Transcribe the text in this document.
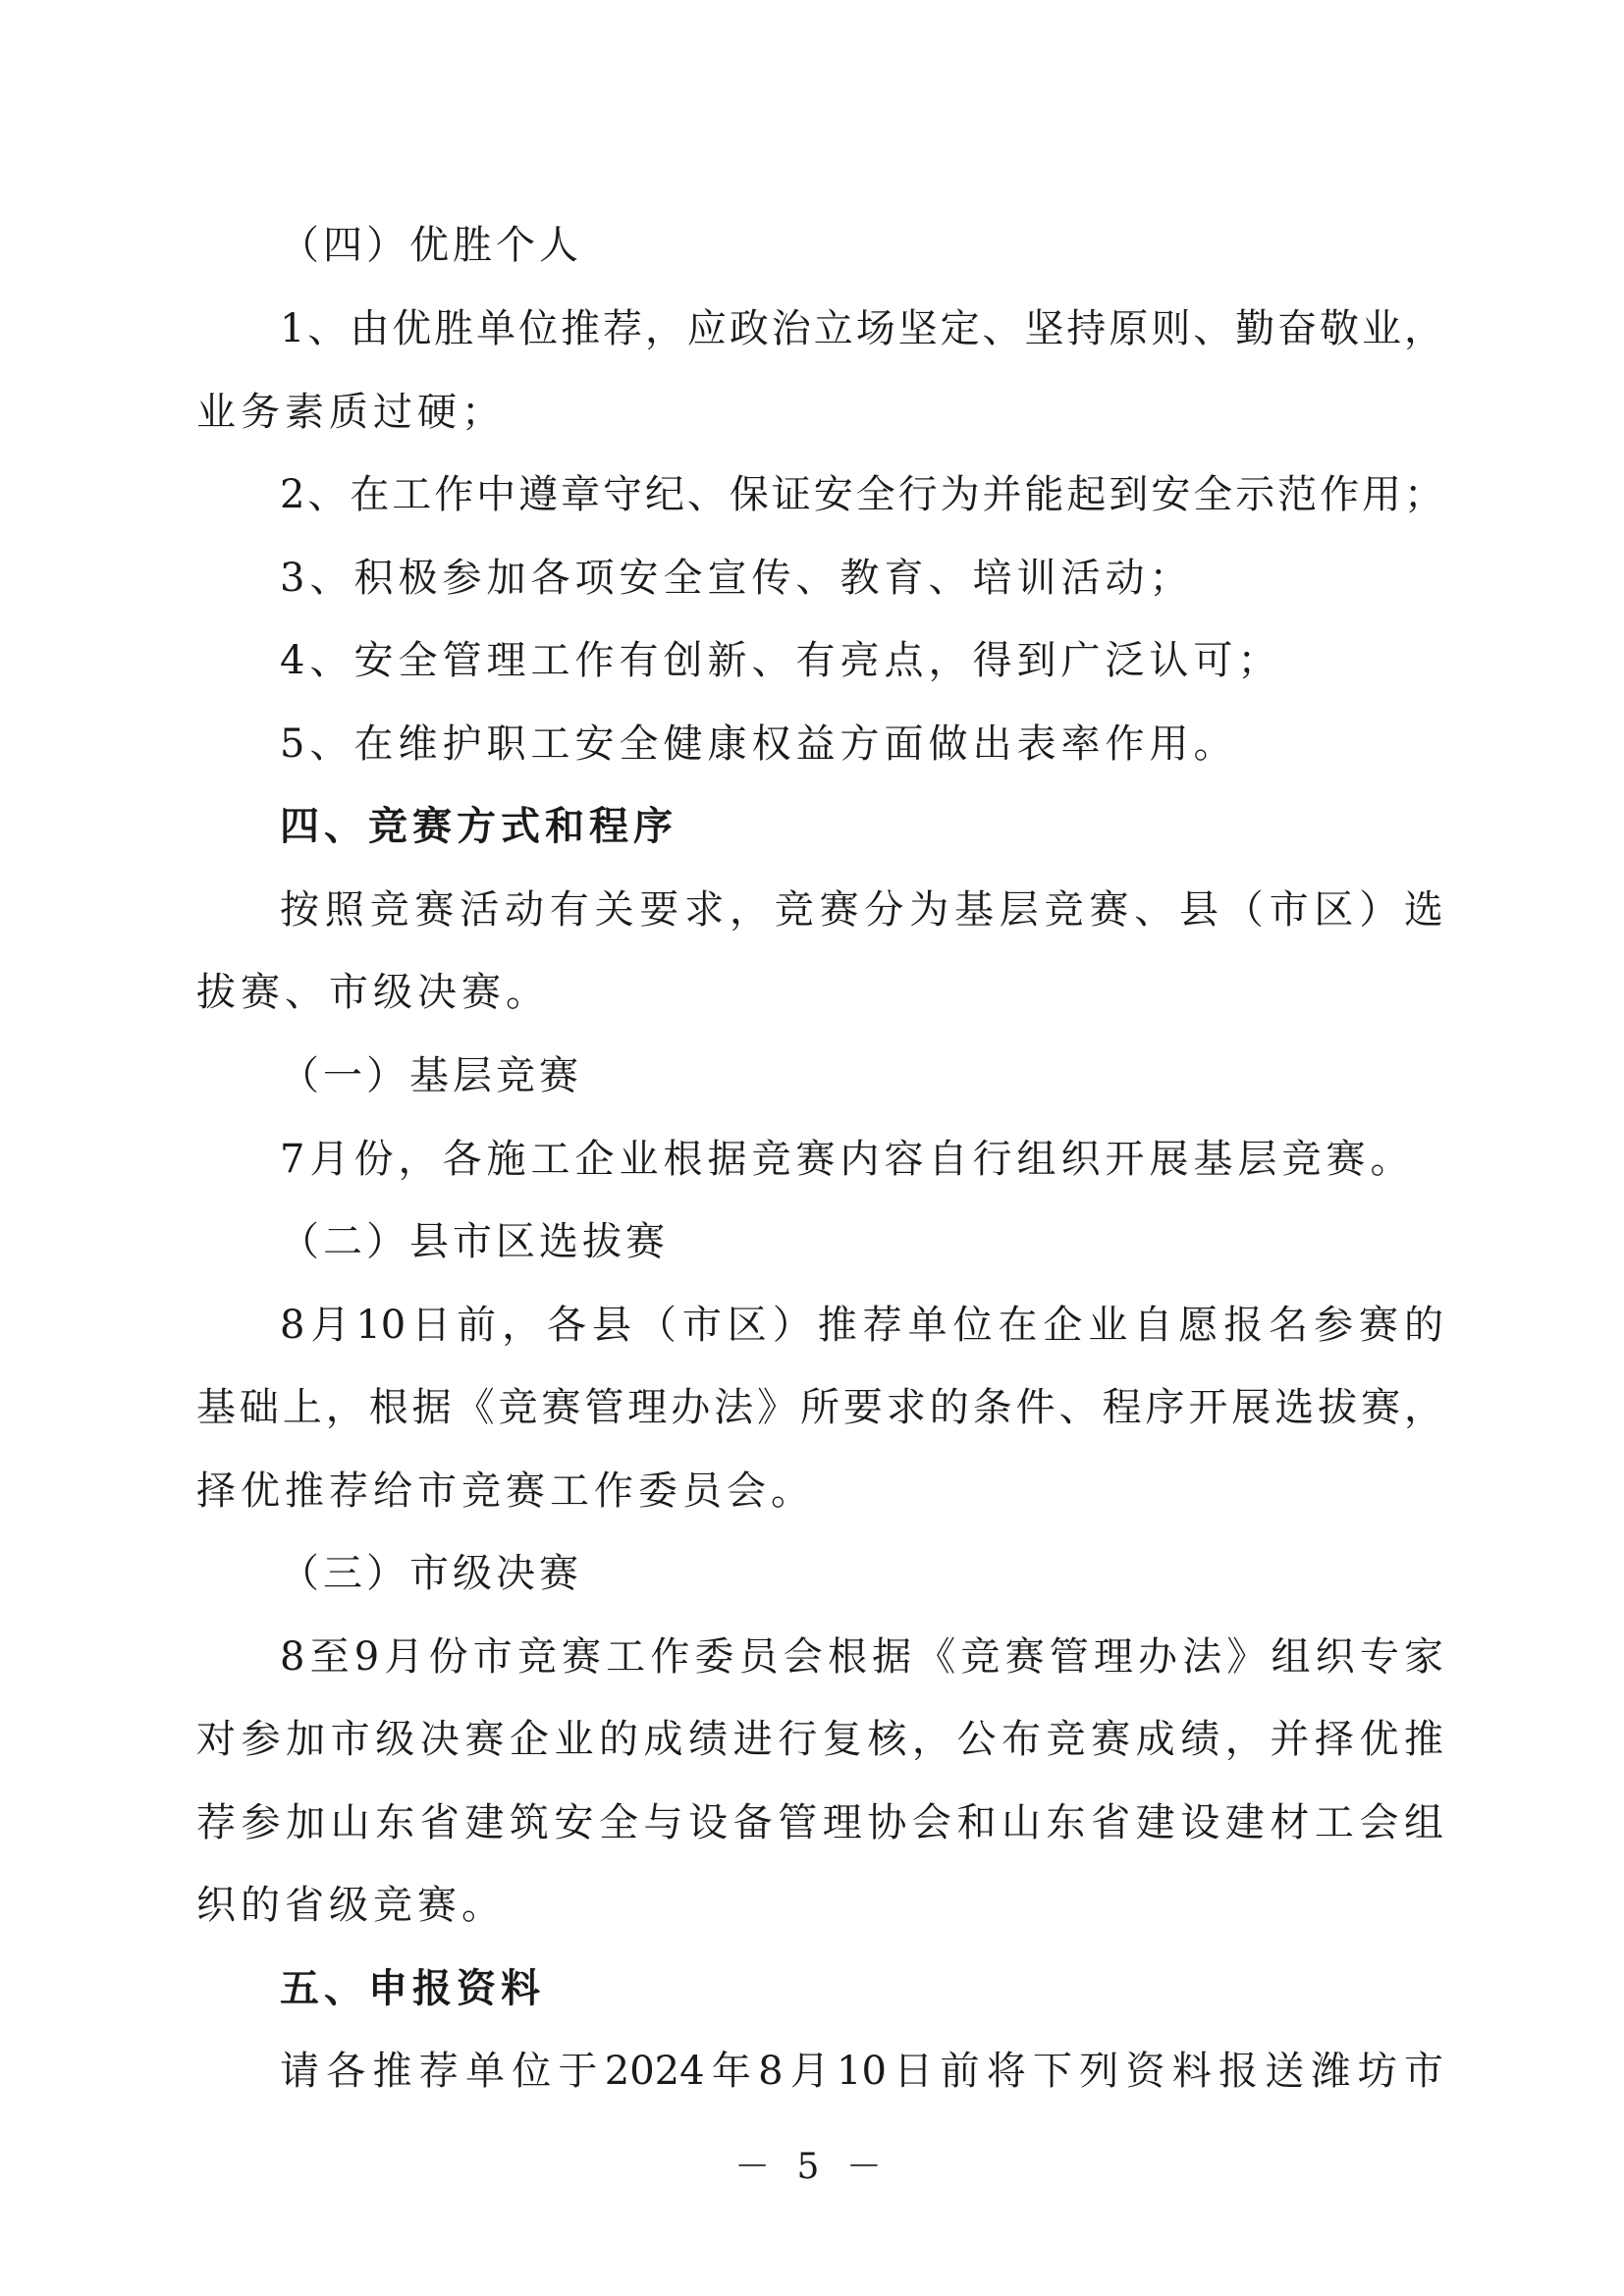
（四）优胜个人
1、由优胜单位推荐，应政治立场坚定、坚持原则、勤奋敬业，
业务素质过硬；
2、在工作中遵章守纪、保证安全行为并能起到安全示范作用；
3、积极参加各项安全宣传、教育、培训活动；
4、安全管理工作有创新、有亮点，得到广泛认可；
5、在维护职工安全健康权益方面做出表率作用。
四、竞赛方式和程序
按照竞赛活动有关要求，竞赛分为基层竞赛、县（市区）选
拔赛、市级决赛。
（一）基层竞赛
7月份，各施工企业根据竞赛内容自行组织开展基层竞赛。
（二）县市区选拔赛
8月10日前，各县（市区）推荐单位在企业自愿报名参赛的
基础上，根据《竞赛管理办法》所要求的条件、程序开展选拔赛，
择优推荐给市竞赛工作委员会。
（三）市级决赛
8至9月份市竞赛工作委员会根据《竞赛管理办法》组织专家
对参加市级决赛企业的成绩进行复核，公布竞赛成绩，并择优推
荐参加山东省建筑安全与设备管理协会和山东省建设建材工会组
织的省级竞赛。
五、申报资料
请各推荐单位于2024年8月10日前将下列资料报送潍坊市
－ 5 －
